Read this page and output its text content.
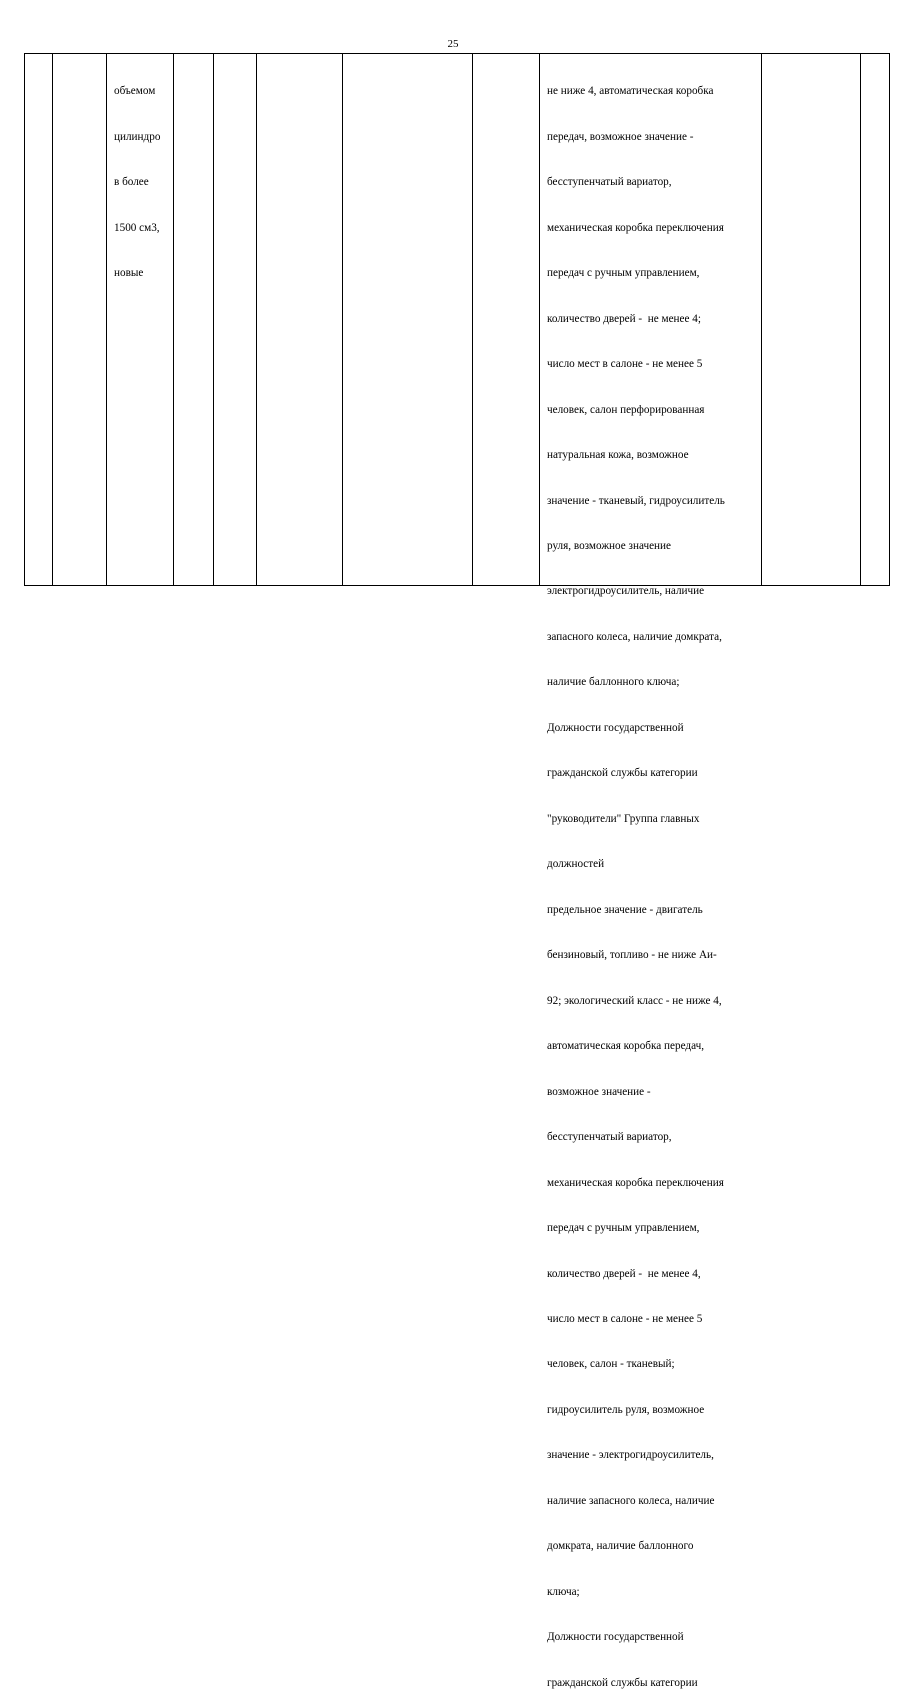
25

объемом

цилиндро

в более

1500 см3,

новые

не ниже 4, автоматическая коробка

передач, возможное значение -

бесступенчатый вариатор,

механическая коробка переключения

передач с ручным управлением,

количество дверей -  не менее 4;

число мест в салоне - не менее 5

человек, салон перфорированная

натуральная кожа, возможное

значение - тканевый, гидроусилитель

руля, возможное значение

электрогидроусилитель, наличие

запасного колеса, наличие домкрата,

наличие баллонного ключа;

Должности государственной

гражданской службы категории

"руководители" Группа главных

должностей

предельное значение - двигатель

бензиновый, топливо - не ниже Аи-

92; экологический класс - не ниже 4,

автоматическая коробка передач,

возможное значение -

бесступенчатый вариатор,

механическая коробка переключения

передач с ручным управлением,

количество дверей -  не менее 4,

число мест в салоне - не менее 5

человек, салон - тканевый;

гидроусилитель руля, возможное

значение - электрогидроусилитель,

наличие запасного колеса, наличие

домкрата, наличие баллонного

ключа;

Должности государственной

гражданской службы категории
